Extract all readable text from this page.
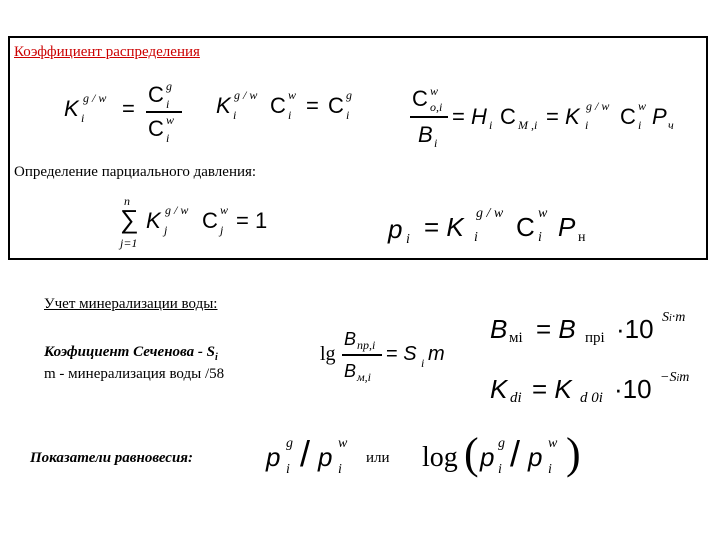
Коэффициент распределения
K g / w
i =
C g
i
C w
i
K g / w
i C w
i = C g
i
C w
o,i
B i
= H i C M ,i = K g / w
i C w
i P ч
Определение парциального давления:
n
∑
j=1
K g / w
j C w
j = 1	p i = K g / w
i C w
i P н
Учет минерализации воды:
Коэфициент Сеченова - $S_i$
m - минерализация воды /58
lg
B пр,i
B м,i
= S i m
B мi = B прi ·10 Si·m
K di = K d 0i ·10 −Sim
Показатели равновесия:	p g
i / p w
i
или log ( p g
i / p w
i )
